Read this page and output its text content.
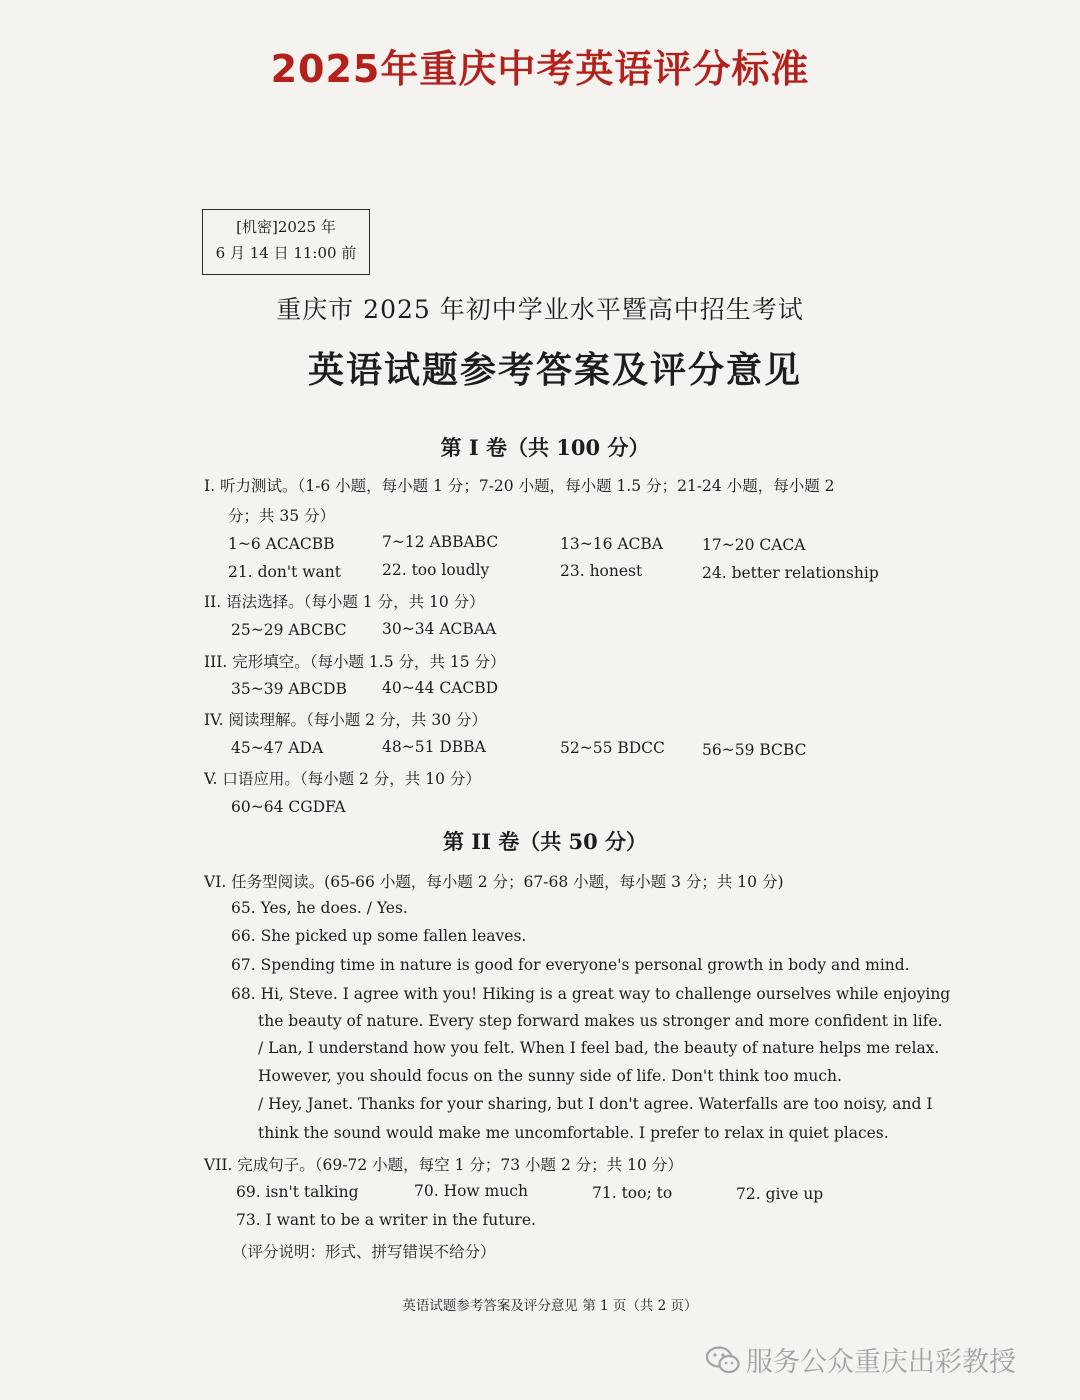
2025年重庆中考英语评分标准
[机密]2025 年
6 月 14 日 11:00 前
重庆市 2025 年初中学业水平暨高中招生考试
英语试题参考答案及评分意见
第 I 卷（共 100 分）
I. 听力测试。（1-6 小题，每小题 1 分；7-20 小题，每小题 1.5 分；21-24 小题，每小题 2
分；共 35 分）
1~6 ACACBB	7~12 ABBABC	13~16 ACBA	17~20 CACA
21. don't want	22. too loudly	23. honest	24. better relationship
II. 语法选择。（每小题 1 分，共 10 分）
25~29 ABCBC 30~34 ACBAA
III. 完形填空。（每小题 1.5 分，共 15 分）
35~39 ABCDB 40~44 CACBD
IV. 阅读理解。（每小题 2 分，共 30 分）
45~47 ADA	48~51 DBBA	52~55 BDCC 56~59 BCBC
V. 口语应用。（每小题 2 分，共 10 分）
60~64 CGDFA
第 II 卷（共 50 分）
VI. 任务型阅读。(65-66 小题，每小题 2 分；67-68 小题，每小题 3 分；共 10 分)
65. Yes, he does. / Yes.
66. She picked up some fallen leaves.
67. Spending time in nature is good for everyone's personal growth in body and mind.
68. Hi, Steve. I agree with you! Hiking is a great way to challenge ourselves while enjoying
the beauty of nature. Every step forward makes us stronger and more confident in life.
/ Lan, I understand how you felt. When I feel bad, the beauty of nature helps me relax.
However, you should focus on the sunny side of life. Don't think too much.
/ Hey, Janet. Thanks for your sharing, but I don't agree. Waterfalls are too noisy, and I
think the sound would make me uncomfortable. I prefer to relax in quiet places.
VII. 完成句子。（69-72 小题，每空 1 分；73 小题 2 分；共 10 分）
69. isn't talking	70. How much	71. too; to	72. give up
73. I want to be a writer in the future.
（评分说明：形式、拼写错误不给分）
英语试题参考答案及评分意见 第 1 页（共 2 页）
服务公众重庆出彩教授
